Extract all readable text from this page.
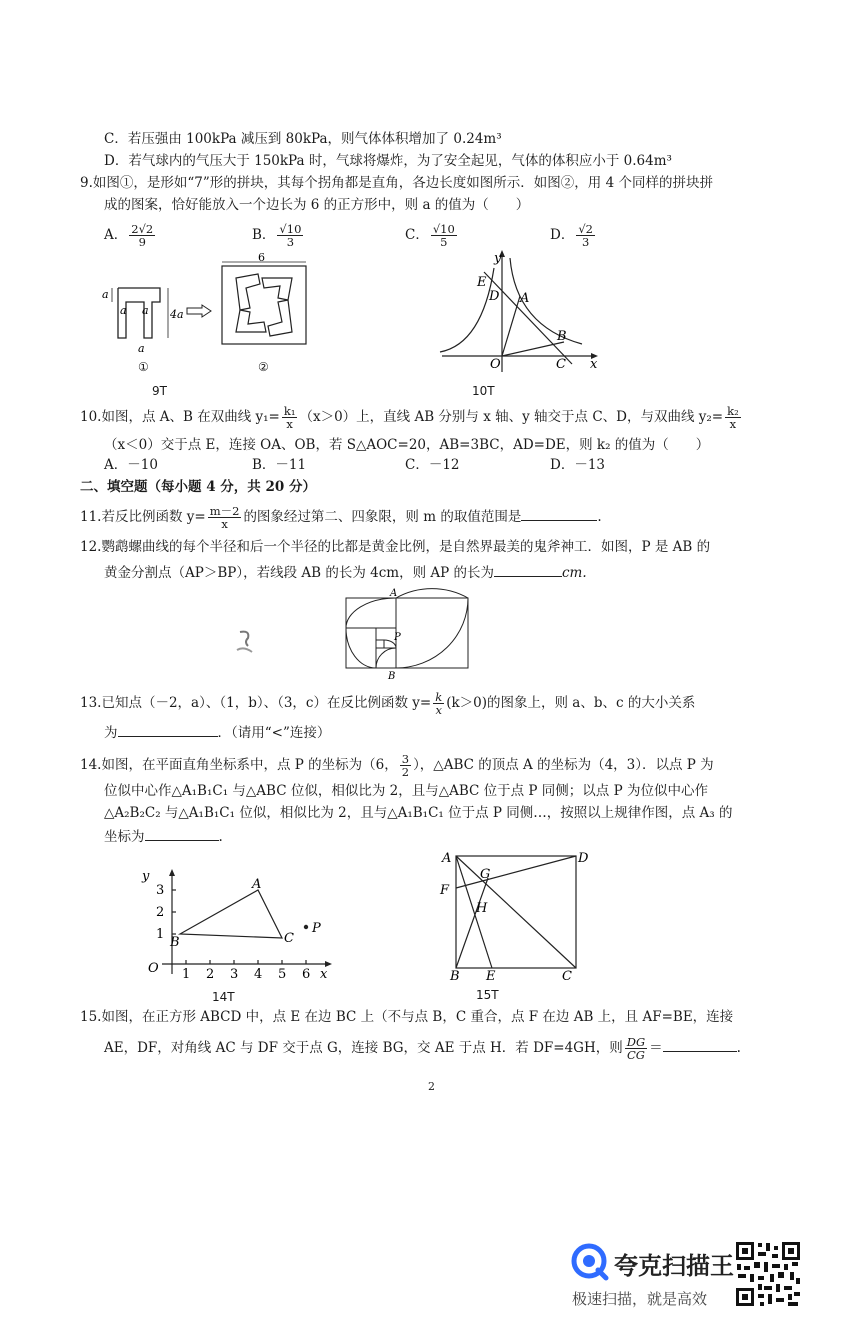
C．若压强由 100kPa 减压到 80kPa，则气体体积增加了 0.24m³
D．若气球内的气压大于 150kPa 时，气球将爆炸，为了安全起见，气体的体积应小于 0.64m³
9.如图①，是形如“7”形的拼块，其每个拐角都是直角，各边长度如图所示．如图②，用 4 个同样的拼块拼
成的图案，恰好能放入一个边长为 6 的正方形中，则 a 的值为（　　）
A． $\frac{2√2}{9}$	B． $\frac{√10}{3}$	C． $\frac{√10}{5}$	D． $\frac{√2}{3}$
a
a a 4a
a
6
①	②
9T
E
D A
B
O	C x
y
10T
10.如图，点 A、B 在双曲线 $y_1= \frac{\text{k₁}}{x} (x>0)$上，直线 AB 分别与 x 轴、y 轴交于点 C、D，与双曲线 $y_2= \frac{\text{k₂}}{x}$
（x＜0）交于点 E，连接 OA、OB，若 S△AOC=20，AB=3BC，AD=DE，则 k₂ 的值为（　　）
A．－10	B．－11	C．－12	D．－13
二、填空题（每小题 4 分，共 20 分）
11.若反比例函数 $y= \frac{m-2}{x}$ 的图象经过第二、四象限，则 m 的取值范围是	.
12.鹦鹉螺曲线的每个半径和后一个半径的比都是黄金比例，是自然界最美的鬼斧神工．如图，P 是 AB 的
黄金分割点（AP＞BP），若线段 AB 的长为 4cm，则 AP 的长为	cm.
A
P
B
13.已知点（－2，a）、（1，b）、（3，c）在反比例函数 $y= \frac{k}{x} (k>0)$的图象上，则 a、b、c 的大小关系
为	．（请用“<”连接）
14.如图，在平面直角坐标系中，点 P 的坐标为（6， $\frac{3}{2}$ ），△ABC 的顶点 A 的坐标为（4，3）．以点 P 为
位似中心作△A₁B₁C₁ 与△ABC 位似，相似比为 2，且与△ABC 位于点 P 同侧；以点 P 为位似中心作
△A₂B₂C₂ 与△A₁B₁C₁ 位似，相似比为 2，且与△A₁B₁C₁ 位于点 P 同侧…，按照以上规律作图，点 A₃ 的
坐标为	.
y
3
2
1
O 1 2 3 4 5 6 x
A
B	C
P
14T
A	D
F
G
H
B E	C
15T
15.如图，在正方形 ABCD 中，点 E 在边 BC 上（不与点 B，C 重合，点 F 在边 AB 上，且 AF=BE，连接
AE，DF，对角线 AC 与 DF 交于点 G，连接 BG，交 AE 于点 H．若 DF=4GH，则 $\frac{DG}{CG}$ ＝	.
2
夸克扫描王
极速扫描，就是高效
